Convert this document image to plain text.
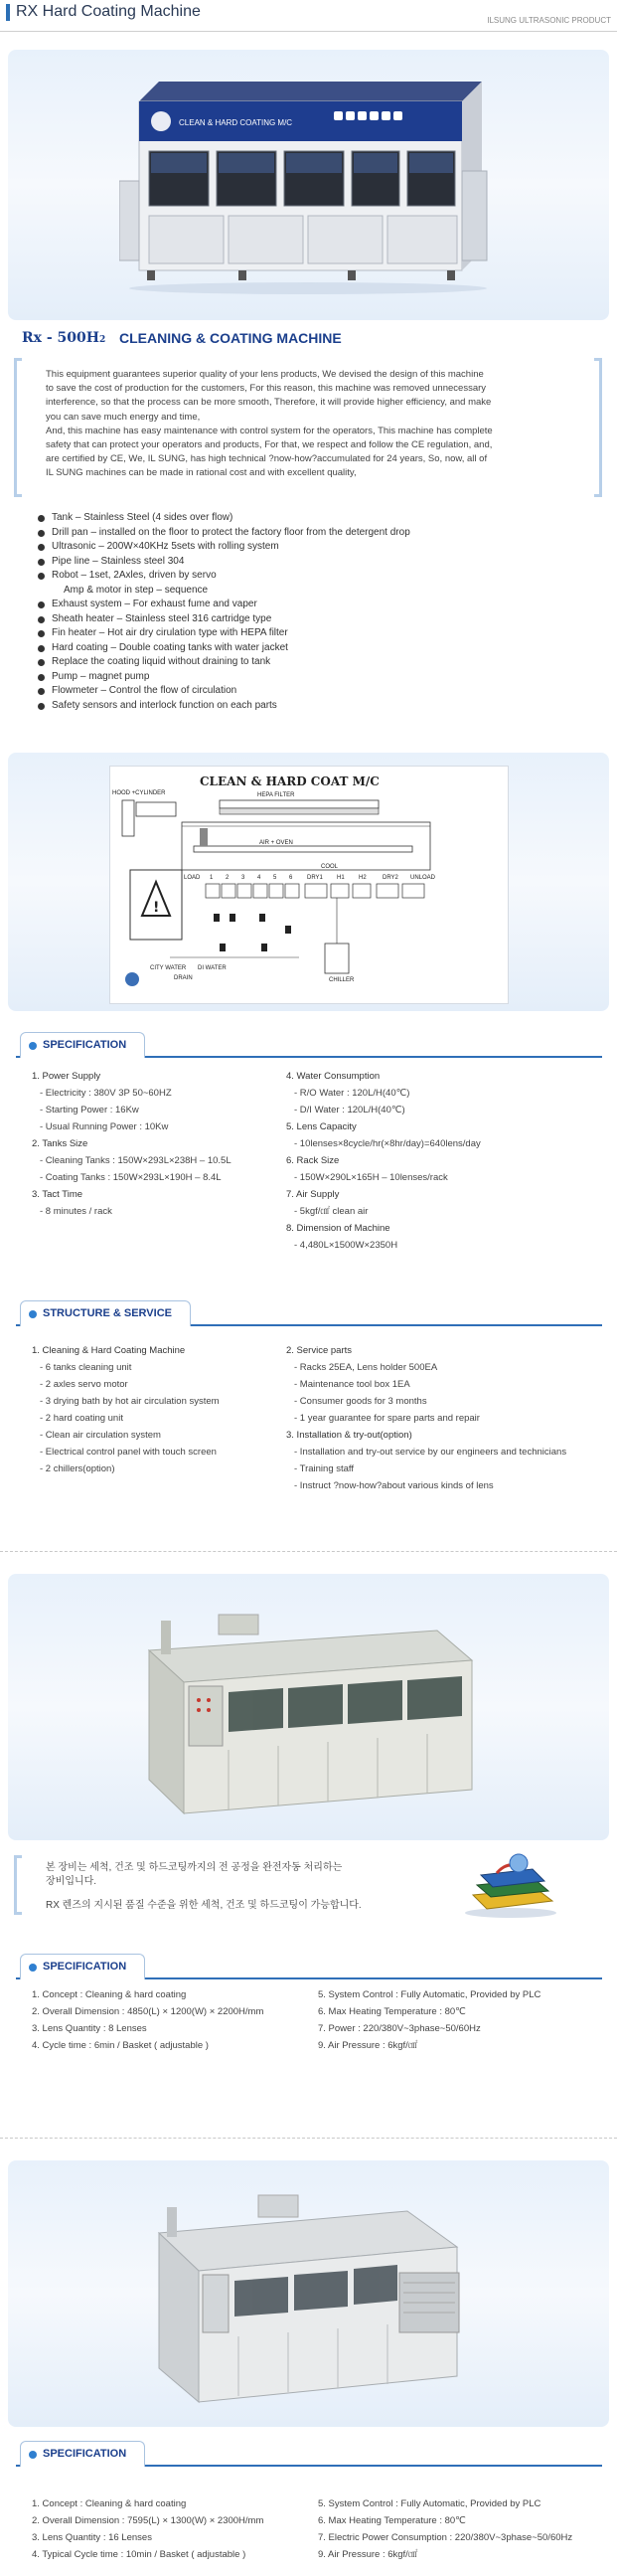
RX Hard Coating Machine
ILSUNG ULTRASONIC PRODUCT
CLEAN & HARD COATING M/C
Rx - 500H2 CLEANING & COATING MACHINE
This equipment guarantees superior quality of your lens products, We devised the design of this machine
to save the cost of production for the customers, For this reason, this machine was removed unnecessary
interference, so that the process can be more smooth, Therefore, it will provide higher efficiency, and make
you can save much energy and time,
And, this machine has easy maintenance with control system for the operators, This machine has complete
safety that can protect your operators and products, For that, we respect and follow the CE regulation, and,
are certified by CE, We, IL SUNG, has high technical ?now-how?accumulated for 24 years, So, now, all of
IL SUNG machines can be made in rational cost and with excellent quality,
Tank – Stainless Steel (4 sides over flow)
Drill pan – installed on the floor to protect the factory floor from the detergent drop
Ultrasonic – 200W×40KHz 5sets with rolling system
Pipe line – Stainless steel 304
Robot – 1set, 2Axles, driven by servo
Amp & motor in step – sequence
Exhaust system – For exhaust fume and vaper
Sheath heater – Stainless steel 316 cartridge type
Fin heater – Hot air dry cirulation type with HEPA filter
Hard coating – Double coating tanks with water jacket
Replace the coating liquid without draining to tank
Pump – magnet pump
Flowmeter – Control the flow of circulation
Safety sensors and interlock function on each parts
CLEAN & HARD COAT M/C
HOOD +CYLINDER	HEPA FILTER
AIR + OVEN
COOL
LOAD 1 2 3 4 5 6 DRY1 H1 H2	DRY2 UNLOAD
CITY WATER
DRAIN
DI WATER
CHILLER
!
SPECIFICATION
1. Power Supply
- Electricity : 380V 3P 50~60HZ
- Starting Power : 16Kw
- Usual Running Power : 10Kw
2. Tanks Size
- Cleaning Tanks : 150W×293L×238H – 10.5L
- Coating Tanks : 150W×293L×190H – 8.4L
3. Tact Time
- 8 minutes / rack
4. Water Consumption
- R/O Water : 120L/H(40℃)
- D/I Water : 120L/H(40℃)
5. Lens Capacity
- 10lenses×8cycle/hr(×8hr/day)=640lens/day
6. Rack Size
- 150W×290L×165H – 10lenses/rack
7. Air Supply
- 5kgf/㎠ clean air
8. Dimension of Machine
- 4,480L×1500W×2350H
STRUCTURE & SERVICE
1. Cleaning & Hard Coating Machine
- 6 tanks cleaning unit
- 2 axles servo motor
- 3 drying bath by hot air circulation system
- 2 hard coating unit
- Clean air circulation system
- Electrical control panel with touch screen
- 2 chillers(option)
2. Service parts
- Racks 25EA, Lens holder 500EA
- Maintenance tool box 1EA
- Consumer goods for 3 months
- 1 year guarantee for spare parts and repair
3. Installation & try-out(option)
- Installation and try-out service by our engineers and technicians
- Training staff
- Instruct ?now-how?about various kinds of lens
본 장비는 세척, 건조 및 하드코팅까지의 전 공정을 완전자동 처리하는
장비입니다.
RX 렌즈의 지시된 품질 수준을 위한 세척, 건조 및 하드코팅이 가능합니다.
SPECIFICATION
1. Concept : Cleaning & hard coating
2. Overall Dimension : 4850(L) × 1200(W) × 2200H/mm
3. Lens Quantity : 8 Lenses
4. Cycle time : 6min / Basket ( adjustable )
5. System Control : Fully Automatic, Provided by PLC
6. Max Heating Temperature : 80℃
7. Power : 220/380V~3phase~50/60Hz
9. Air Pressure : 6kgf/㎠
SPECIFICATION
1. Concept : Cleaning & hard coating
2. Overall Dimension : 7595(L) × 1300(W) × 2300H/mm
3. Lens Quantity : 16 Lenses
4. Typical Cycle time : 10min / Basket ( adjustable )
5. System Control : Fully Automatic, Provided by PLC
6. Max Heating Temperature : 80℃
7. Electric Power Consumption : 220/380V~3phase~50/60Hz
9. Air Pressure : 6kgf/㎠
